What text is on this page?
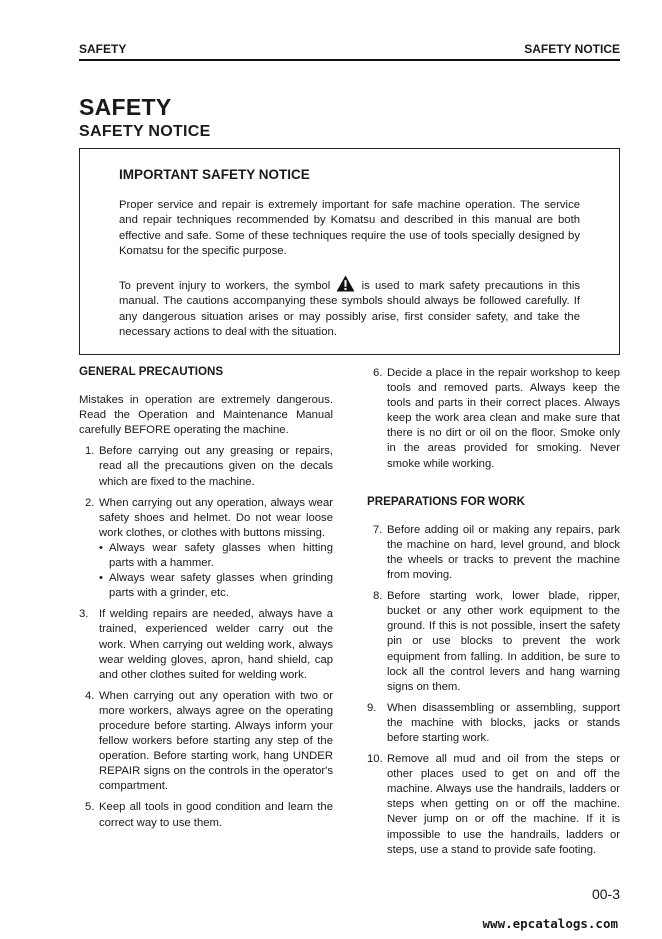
SAFETY	SAFETY NOTICE
SAFETY
SAFETY NOTICE
IMPORTANT SAFETY NOTICE
Proper service and repair is extremely important for safe machine operation. The service and repair techniques recommended by Komatsu and described in this manual are both effective and safe. Some of these techniques require the use of tools specially designed by Komatsu for the specific purpose.
To prevent injury to workers, the symbol	is used to mark safety precautions in this manual. The cautions accompanying these symbols should always be followed carefully. If any dangerous situation arises or may possibly arise, first consider safety, and take the necessary actions to deal with the situation.
GENERAL PRECAUTIONS
Mistakes in operation are extremely dangerous. Read the Operation and Maintenance Manual carefully BEFORE operating the machine.
1. Before carrying out any greasing or repairs, read all the precautions given on the decals which are fixed to the machine.
2. When carrying out any operation, always wear safety shoes and helmet. Do not wear loose work clothes, or clothes with buttons missing.
• Always wear safety glasses when hitting parts with a hammer.
• Always wear safety glasses when grinding parts with a grinder, etc.
3. If welding repairs are needed, always have a trained, experienced welder carry out the work. When carrying out welding work, always wear welding gloves, apron, hand shield, cap and other clothes suited for welding work.
4. When carrying out any operation with two or more workers, always agree on the operating procedure before starting. Always inform your fellow workers before starting any step of the operation. Before starting work, hang UNDER REPAIR signs on the controls in the operator's compartment.
5. Keep all tools in good condition and learn the correct way to use them.
6. Decide a place in the repair workshop to keep tools and removed parts. Always keep the tools and parts in their correct places. Always keep the work area clean and make sure that there is no dirt or oil on the floor. Smoke only in the areas provided for smoking. Never smoke while working.
PREPARATIONS FOR WORK
7. Before adding oil or making any repairs, park the machine on hard, level ground, and block the wheels or tracks to prevent the machine from moving.
8. Before starting work, lower blade, ripper, bucket or any other work equipment to the ground. If this is not possible, insert the safety pin or use blocks to prevent the work equipment from falling. In addition, be sure to lock all the control levers and hang warning signs on them.
9. When disassembling or assembling, support the machine with blocks, jacks or stands before starting work.
10. Remove all mud and oil from the steps or other places used to get on and off the machine. Always use the handrails, ladders or steps when getting on or off the machine. Never jump on or off the machine. If it is impossible to use the handrails, ladders or steps, use a stand to provide safe footing.
00-3
www.epcatalogs.com
